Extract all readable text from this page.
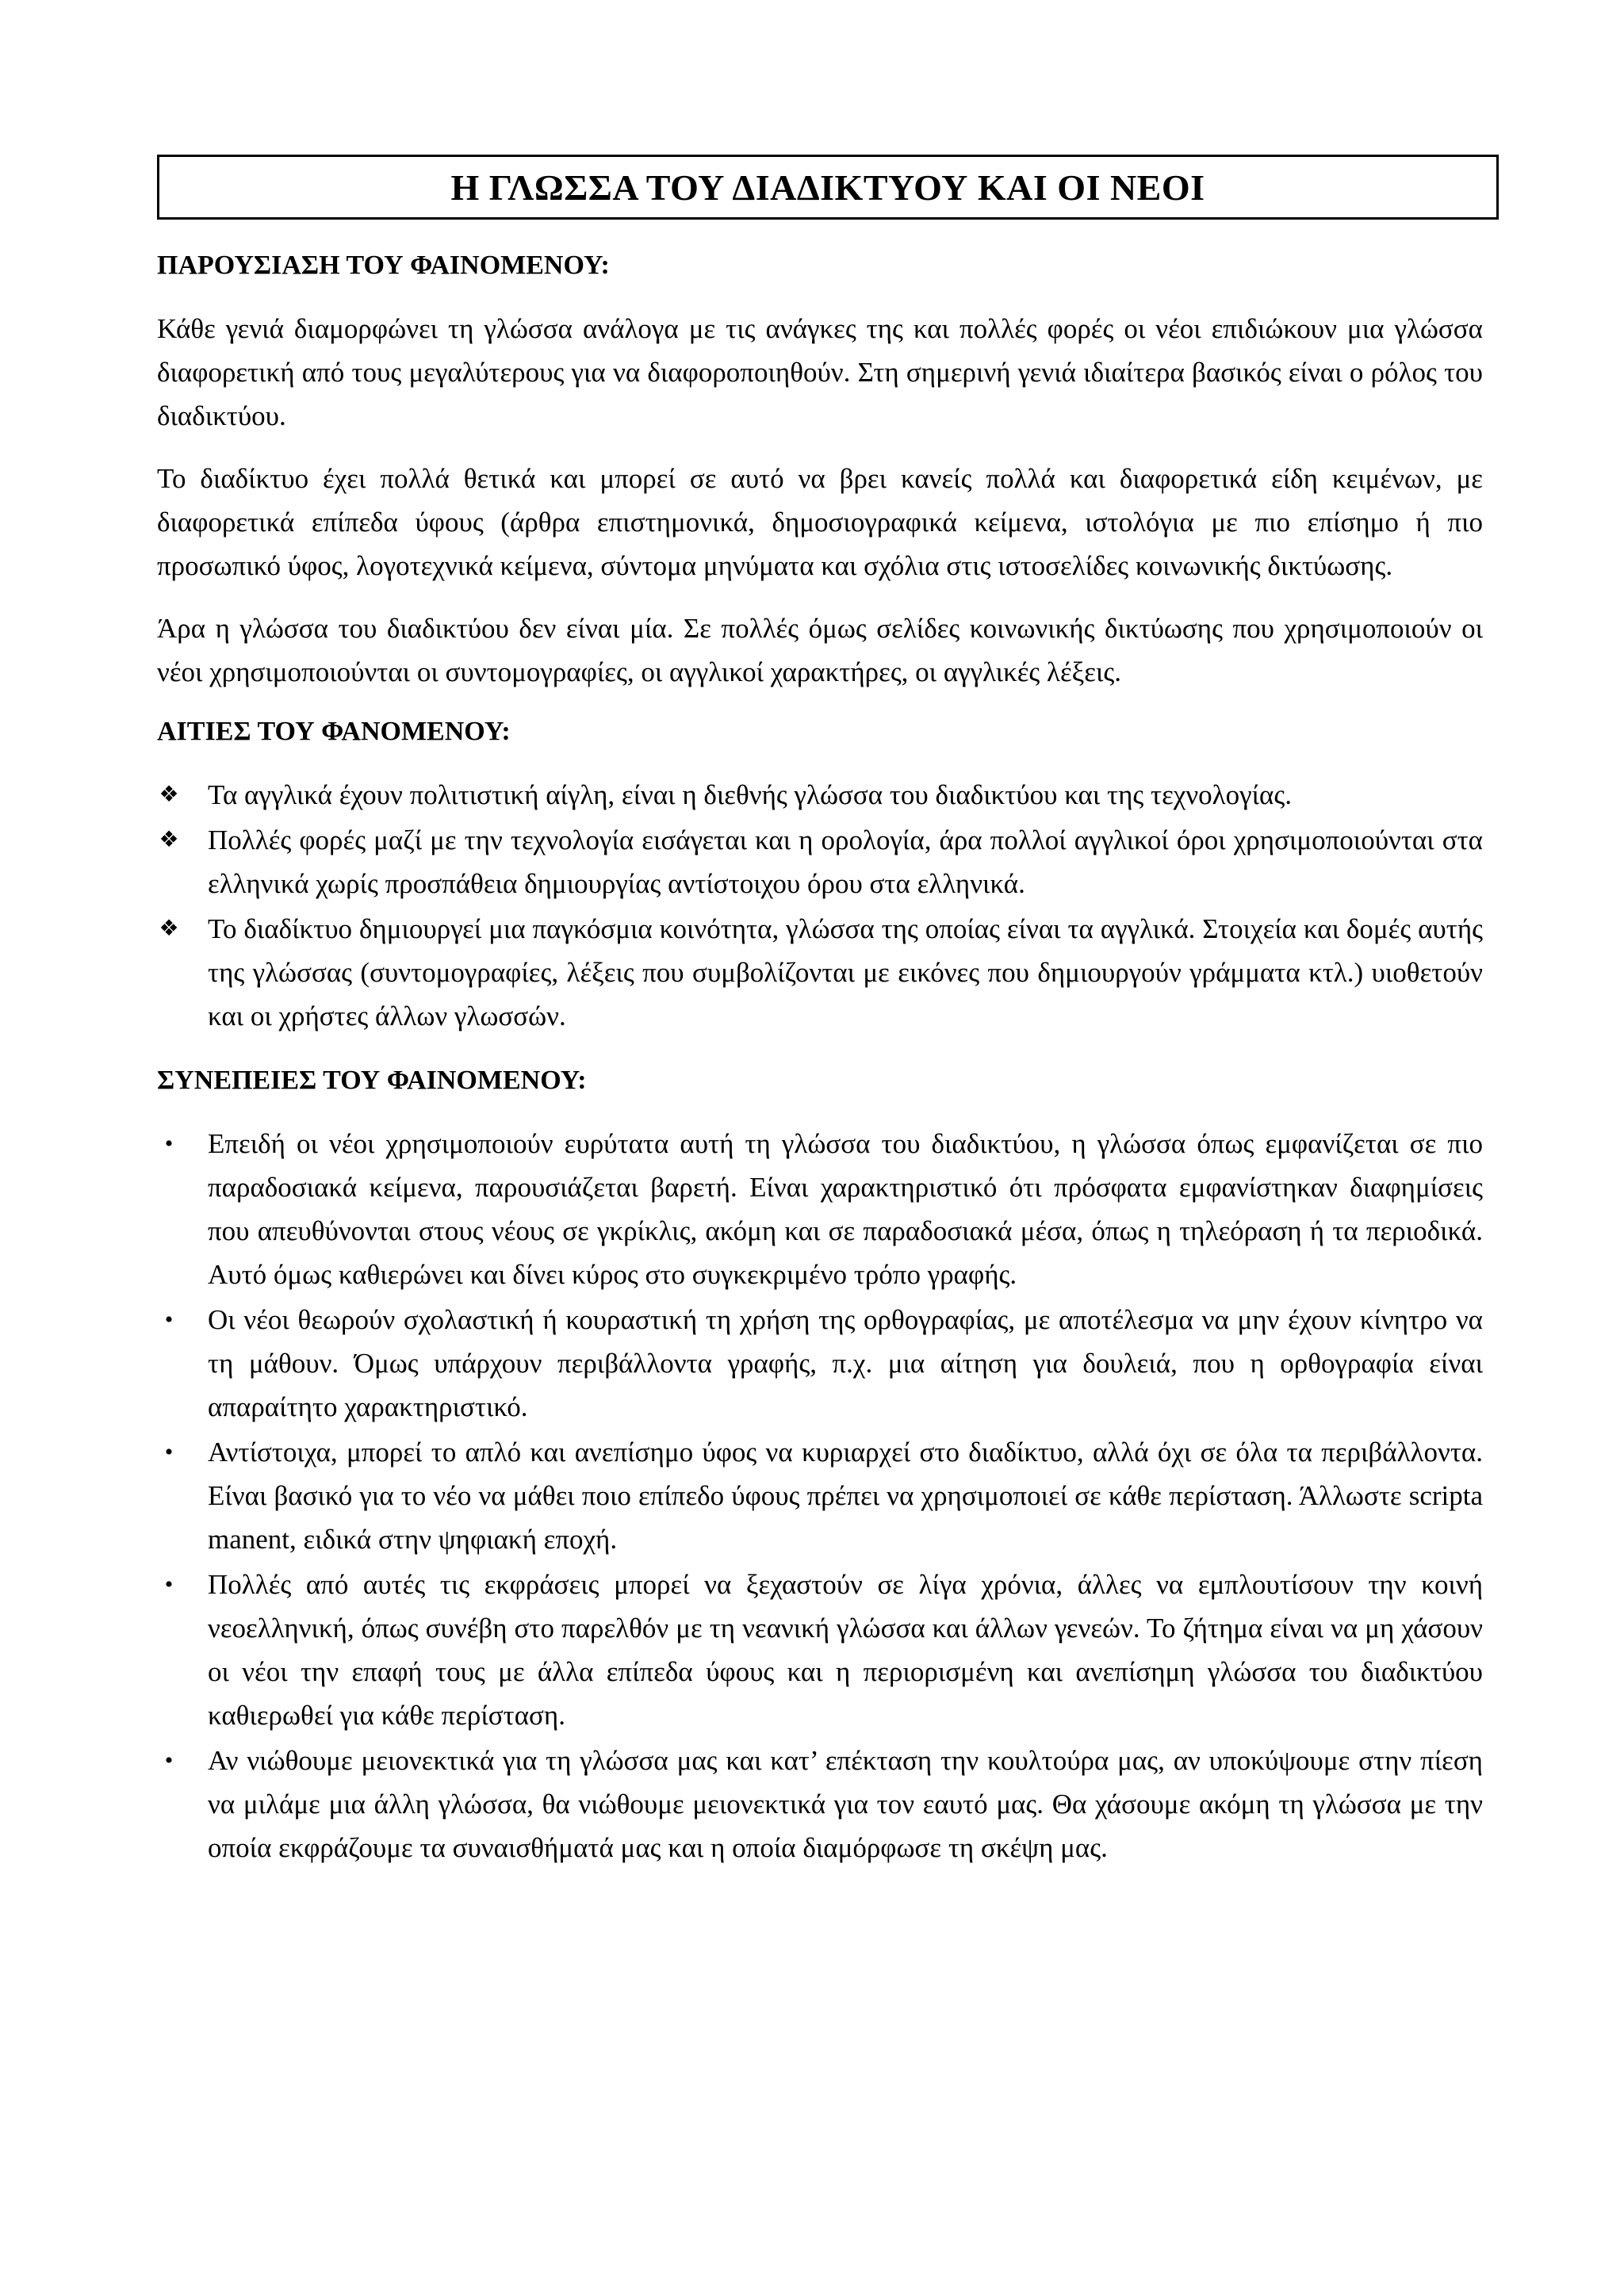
Η ΓΛΩΣΣΑ ΤΟΥ ΔΙΑΔΙΚΤΥΟΥ ΚΑΙ ΟΙ ΝΕΟΙ
ΠΑΡΟΥΣΙΑΣΗ ΤΟΥ ΦΑΙΝΟΜΕΝΟΥ:

Κάθε γενιά διαμορφώνει τη γλώσσα ανάλογα με τις ανάγκες της και πολλές φορές οι νέοι επιδιώκουν μια γλώσσα διαφορετική από τους μεγαλύτερους για να διαφοροποιηθούν. Στη σημερινή γενιά ιδιαίτερα βασικός είναι ο ρόλος του διαδικτύου.

Το διαδίκτυο έχει πολλά θετικά και μπορεί σε αυτό να βρει κανείς πολλά και διαφορετικά είδη κειμένων, με διαφορετικά επίπεδα ύφους (άρθρα επιστημονικά, δημοσιογραφικά κείμενα, ιστολόγια με πιο επίσημο ή πιο προσωπικό ύφος, λογοτεχνικά κείμενα, σύντομα μηνύματα και σχόλια στις ιστοσελίδες κοινωνικής δικτύωσης.

Άρα η γλώσσα του διαδικτύου δεν είναι μία. Σε πολλές όμως σελίδες κοινωνικής δικτύωσης που χρησιμοποιούν οι νέοι χρησιμοποιούνται οι συντομογραφίες, οι αγγλικοί χαρακτήρες, οι αγγλικές λέξεις.

ΑΙΤΙΕΣ ΤΟΥ ΦΑΝΟΜΕΝΟΥ:
❖ Τα αγγλικά έχουν πολιτιστική αίγλη, είναι η διεθνής γλώσσα του διαδικτύου και της τεχνολογίας.
❖ Πολλές φορές μαζί με την τεχνολογία εισάγεται και η ορολογία, άρα πολλοί αγγλικοί όροι χρησιμοποιούνται στα ελληνικά χωρίς προσπάθεια δημιουργίας αντίστοιχου όρου στα ελληνικά.
❖ Το διαδίκτυο δημιουργεί μια παγκόσμια κοινότητα, γλώσσα της οποίας είναι τα αγγλικά. Στοιχεία και δομές αυτής της γλώσσας (συντομογραφίες, λέξεις που συμβολίζονται με εικόνες που δημιουργούν γράμματα κτλ.) υιοθετούν και οι χρήστες άλλων γλωσσών.
ΣΥΝΕΠΕΙΕΣ ΤΟΥ ΦΑΙΝΟΜΕΝΟΥ:
• Επειδή οι νέοι χρησιμοποιούν ευρύτατα αυτή τη γλώσσα του διαδικτύου, η γλώσσα όπως εμφανίζεται σε πιο παραδοσιακά κείμενα, παρουσιάζεται βαρετή. Είναι χαρακτηριστικό ότι πρόσφατα εμφανίστηκαν διαφημίσεις που απευθύνονται στους νέους σε γκρίκλις, ακόμη και σε παραδοσιακά μέσα, όπως η τηλεόραση ή τα περιοδικά. Αυτό όμως καθιερώνει και δίνει κύρος στο συγκεκριμένο τρόπο γραφής.
• Οι νέοι θεωρούν σχολαστική ή κουραστική τη χρήση της ορθογραφίας, με αποτέλεσμα να μην έχουν κίνητρο να τη μάθουν. Όμως υπάρχουν περιβάλλοντα γραφής, π.χ. μια αίτηση για δουλειά, που η ορθογραφία είναι απαραίτητο χαρακτηριστικό.
• Αντίστοιχα, μπορεί το απλό και ανεπίσημο ύφος να κυριαρχεί στο διαδίκτυο, αλλά όχι σε όλα τα περιβάλλοντα. Είναι βασικό για το νέο να μάθει ποιο επίπεδο ύφους πρέπει να χρησιμοποιεί σε κάθε περίσταση. Άλλωστε scripta manent, ειδικά στην ψηφιακή εποχή.
• Πολλές από αυτές τις εκφράσεις μπορεί να ξεχαστούν σε λίγα χρόνια, άλλες να εμπλουτίσουν την κοινή νεοελληνική, όπως συνέβη στο παρελθόν με τη νεανική γλώσσα και άλλων γενεών. Το ζήτημα είναι να μη χάσουν οι νέοι την επαφή τους με άλλα επίπεδα ύφους και η περιορισμένη και ανεπίσημη γλώσσα του διαδικτύου καθιερωθεί για κάθε περίσταση.
• Αν νιώθουμε μειονεκτικά για τη γλώσσα μας και κατ’ επέκταση την κουλτούρα μας, αν υποκύψουμε στην πίεση να μιλάμε μια άλλη γλώσσα, θα νιώθουμε μειονεκτικά για τον εαυτό μας. Θα χάσουμε ακόμη τη γλώσσα με την οποία εκφράζουμε τα συναισθήματά μας και η οποία διαμόρφωσε τη σκέψη μας.
